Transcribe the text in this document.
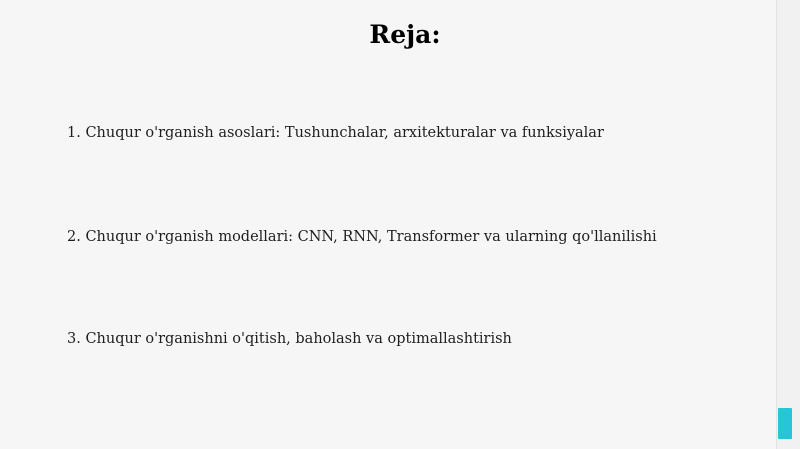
Reja:
1. Chuqur o'rganish asoslari: Tushunchalar, arxitekturalar va funksiyalar
2. Chuqur o'rganish modellari: CNN, RNN, Transformer va ularning qo'llanilishi
3. Chuqur o'rganishni o'qitish, baholash va optimallashtirish
